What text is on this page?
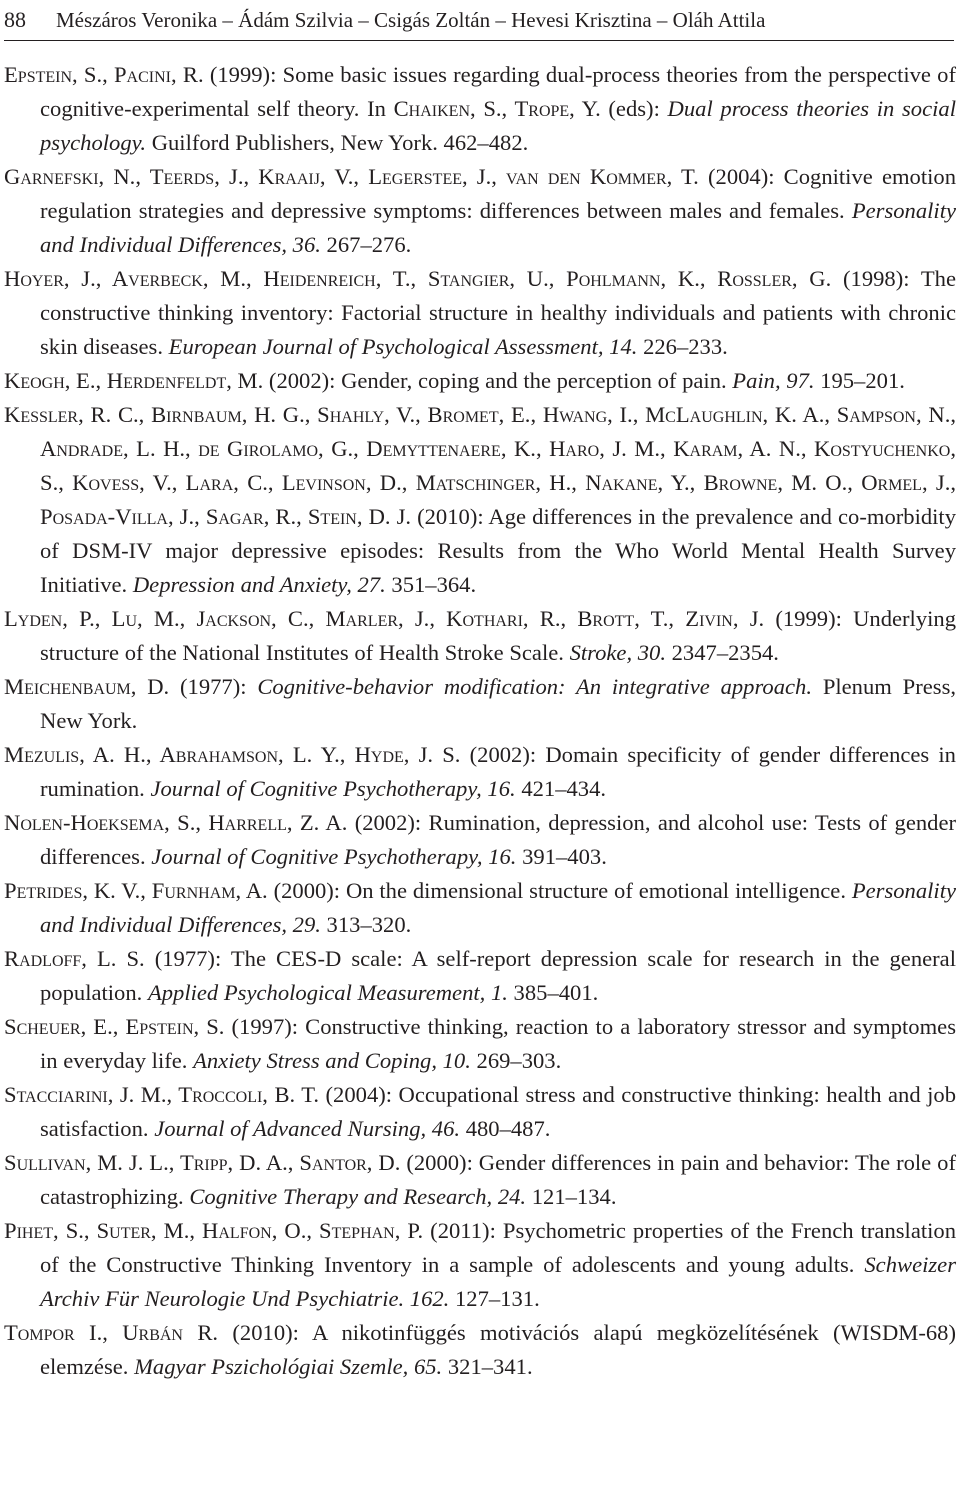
88 Mészáros Veronika – Ádám Szilvia – Csigás Zoltán – Hevesi Krisztina – Oláh Attila
Epstein, S., Pacini, R. (1999): Some basic issues regarding dual-process theories from the perspective of cognitive-experimental self theory. In Chaiken, S., Trope, Y. (eds): Dual process theories in social psychology. Guilford Publishers, New York. 462–482.
Garnefski, N., Teerds, J., Kraaij, V., Legerstee, J., van den Kommer, T. (2004): Cognitive emotion regulation strategies and depressive symptoms: differences between males and females. Personality and Individual Differences, 36. 267–276.
Hoyer, J., Averbeck, M., Heidenreich, T., Stangier, U., Pohlmann, K., Rossler, G. (1998): The constructive thinking inventory: Factorial structure in healthy individuals and patients with chronic skin diseases. European Journal of Psychological Assessment, 14. 226–233.
Keogh, E., Herdenfeldt, M. (2002): Gender, coping and the perception of pain. Pain, 97. 195–201.
Kessler, R. C., Birnbaum, H. G., Shahly, V., Bromet, E., Hwang, I., McLaughlin, K. A., Sampson, N., Andrade, L. H., de Girolamo, G., Demyttenaere, K., Haro, J. M., Karam, A. N., Kostyuchenko, S., Kovess, V., Lara, C., Levinson, D., Matschinger, H., Nakane, Y., Browne, M. O., Ormel, J., Posada-Villa, J., Sagar, R., Stein, D. J. (2010): Age differences in the prevalence and co-morbidity of DSM-IV major depressive episodes: Results from the Who World Mental Health Survey Initiative. Depression and Anxiety, 27. 351–364.
Lyden, P., Lu, M., Jackson, C., Marler, J., Kothari, R., Brott, T., Zivin, J. (1999): Underlying structure of the National Institutes of Health Stroke Scale. Stroke, 30. 2347–2354.
Meichenbaum, D. (1977): Cognitive-behavior modification: An integrative approach. Plenum Press, New York.
Mezulis, A. H., Abrahamson, L. Y., Hyde, J. S. (2002): Domain specificity of gender differences in rumination. Journal of Cognitive Psychotherapy, 16. 421–434.
Nolen-Hoeksema, S., Harrell, Z. A. (2002): Rumination, depression, and alcohol use: Tests of gender differences. Journal of Cognitive Psychotherapy, 16. 391–403.
Petrides, K. V., Furnham, A. (2000): On the dimensional structure of emotional intelligence. Personality and Individual Differences, 29. 313–320.
Radloff, L. S. (1977): The CES-D scale: A self-report depression scale for research in the general population. Applied Psychological Measurement, 1. 385–401.
Scheuer, E., Epstein, S. (1997): Constructive thinking, reaction to a laboratory stressor and symptomes in everyday life. Anxiety Stress and Coping, 10. 269–303.
Stacciarini, J. M., Troccoli, B. T. (2004): Occupational stress and constructive thinking: health and job satisfaction. Journal of Advanced Nursing, 46. 480–487.
Sullivan, M. J. L., Tripp, D. A., Santor, D. (2000): Gender differences in pain and behavior: The role of catastrophizing. Cognitive Therapy and Research, 24. 121–134.
Pihet, S., Suter, M., Halfon, O., Stephan, P. (2011): Psychometric properties of the French translation of the Constructive Thinking Inventory in a sample of adolescents and young adults. Schweizer Archiv Für Neurologie Und Psychiatrie. 162. 127–131.
Tompor I., Urbán R. (2010): A nikotinfüggés motivációs alapú megközelítésének (WISDM-68) elemzése. Magyar Pszichológiai Szemle, 65. 321–341.
